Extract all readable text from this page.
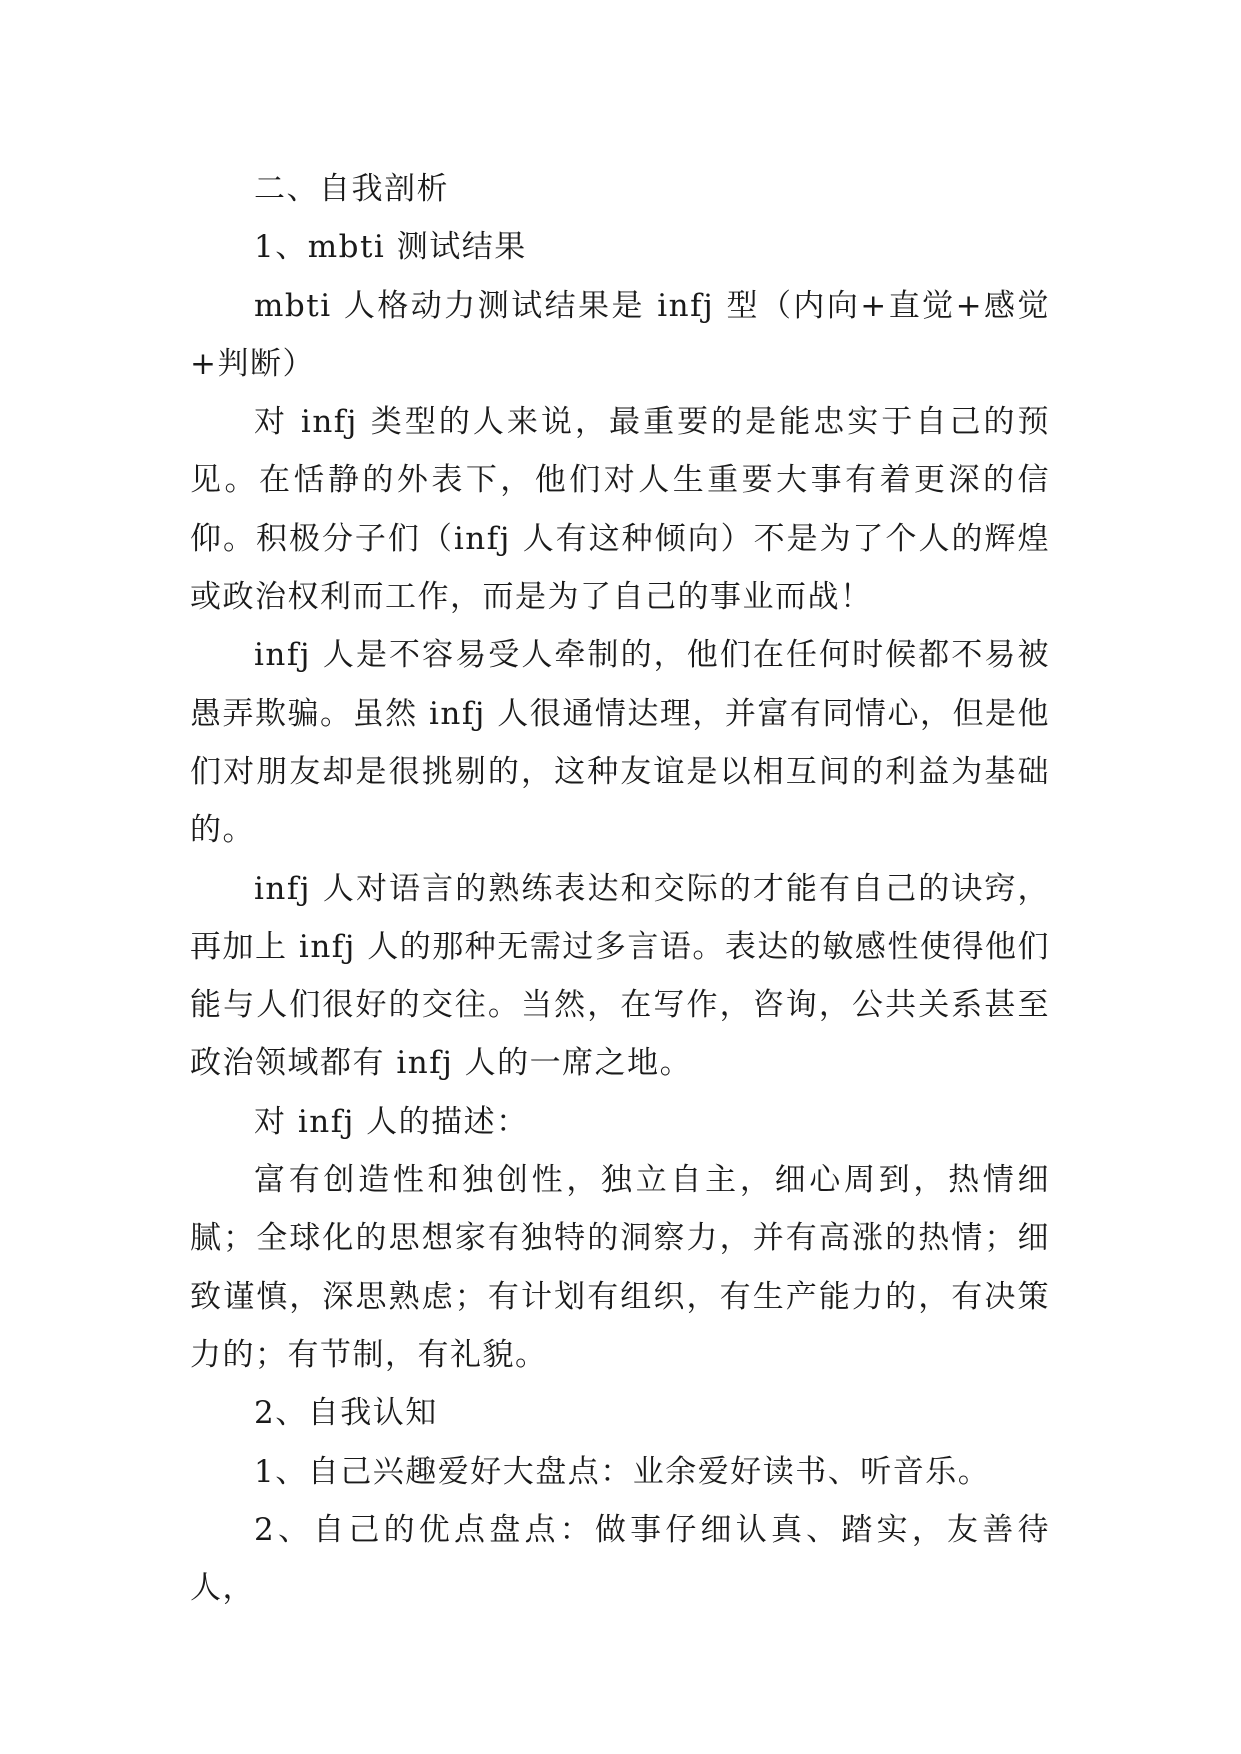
二、自我剖析

1、mbti 测试结果

mbti 人格动力测试结果是 infj 型（内向+直觉+感觉+判断）

对 infj 类型的人来说，最重要的是能忠实于自己的预见。在恬静的外表下，他们对人生重要大事有着更深的信仰。积极分子们（infj 人有这种倾向）不是为了个人的辉煌或政治权利而工作，而是为了自己的事业而战！

infj 人是不容易受人牵制的，他们在任何时候都不易被愚弄欺骗。虽然 infj 人很通情达理，并富有同情心，但是他们对朋友却是很挑剔的，这种友谊是以相互间的利益为基础的。

infj 人对语言的熟练表达和交际的才能有自己的诀窍，再加上 infj 人的那种无需过多言语。表达的敏感性使得他们能与人们很好的交往。当然，在写作，咨询，公共关系甚至政治领域都有 infj 人的一席之地。

对 infj 人的描述：

富有创造性和独创性，独立自主，细心周到，热情细腻；全球化的思想家有独特的洞察力，并有高涨的热情；细致谨慎，深思熟虑；有计划有组织，有生产能力的，有决策力的；有节制，有礼貌。

2、自我认知

1、自己兴趣爱好大盘点：业余爱好读书、听音乐。

2、自己的优点盘点：做事仔细认真、踏实，友善待人，
